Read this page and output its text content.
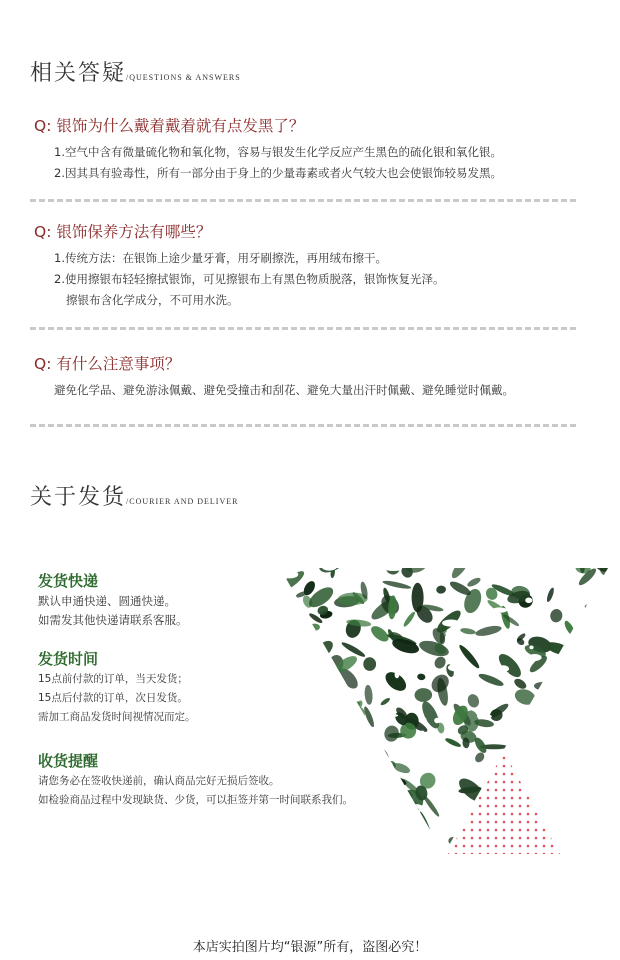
相关答疑/QUESTIONS & ANSWERS
Q: 银饰为什么戴着戴着就有点发黑了？
1.空气中含有微量硫化物和氧化物，容易与银发生化学反应产生黑色的硫化银和氧化银。
2.因其具有验毒性，所有一部分由于身上的少量毒素或者火气较大也会使银饰较易发黑。
Q: 银饰保养方法有哪些？
1.传统方法：在银饰上途少量牙膏，用牙刷擦洗，再用绒布擦干。
2.使用擦银布轻轻擦拭银饰，可见擦银布上有黑色物质脱落，银饰恢复光泽。
擦银布含化学成分，不可用水洗。
Q: 有什么注意事项？
避免化学品、避免游泳佩戴、避免受撞击和刮花、避免大量出汗时佩戴、避免睡觉时佩戴。
关于发货/COURIER AND DELIVER
发货快递
默认申通快递、圆通快递。
如需发其他快递请联系客服。
发货时间
15点前付款的订单，当天发货；
15点后付款的订单，次日发货。
需加工商品发货时间视情况而定。
收货提醒
请您务必在签收快递前，确认商品完好无损后签收。
如检验商品过程中发现缺货、少货，可以拒签并第一时间联系我们。
本店实拍图片均“银源”所有，盗图必究！
